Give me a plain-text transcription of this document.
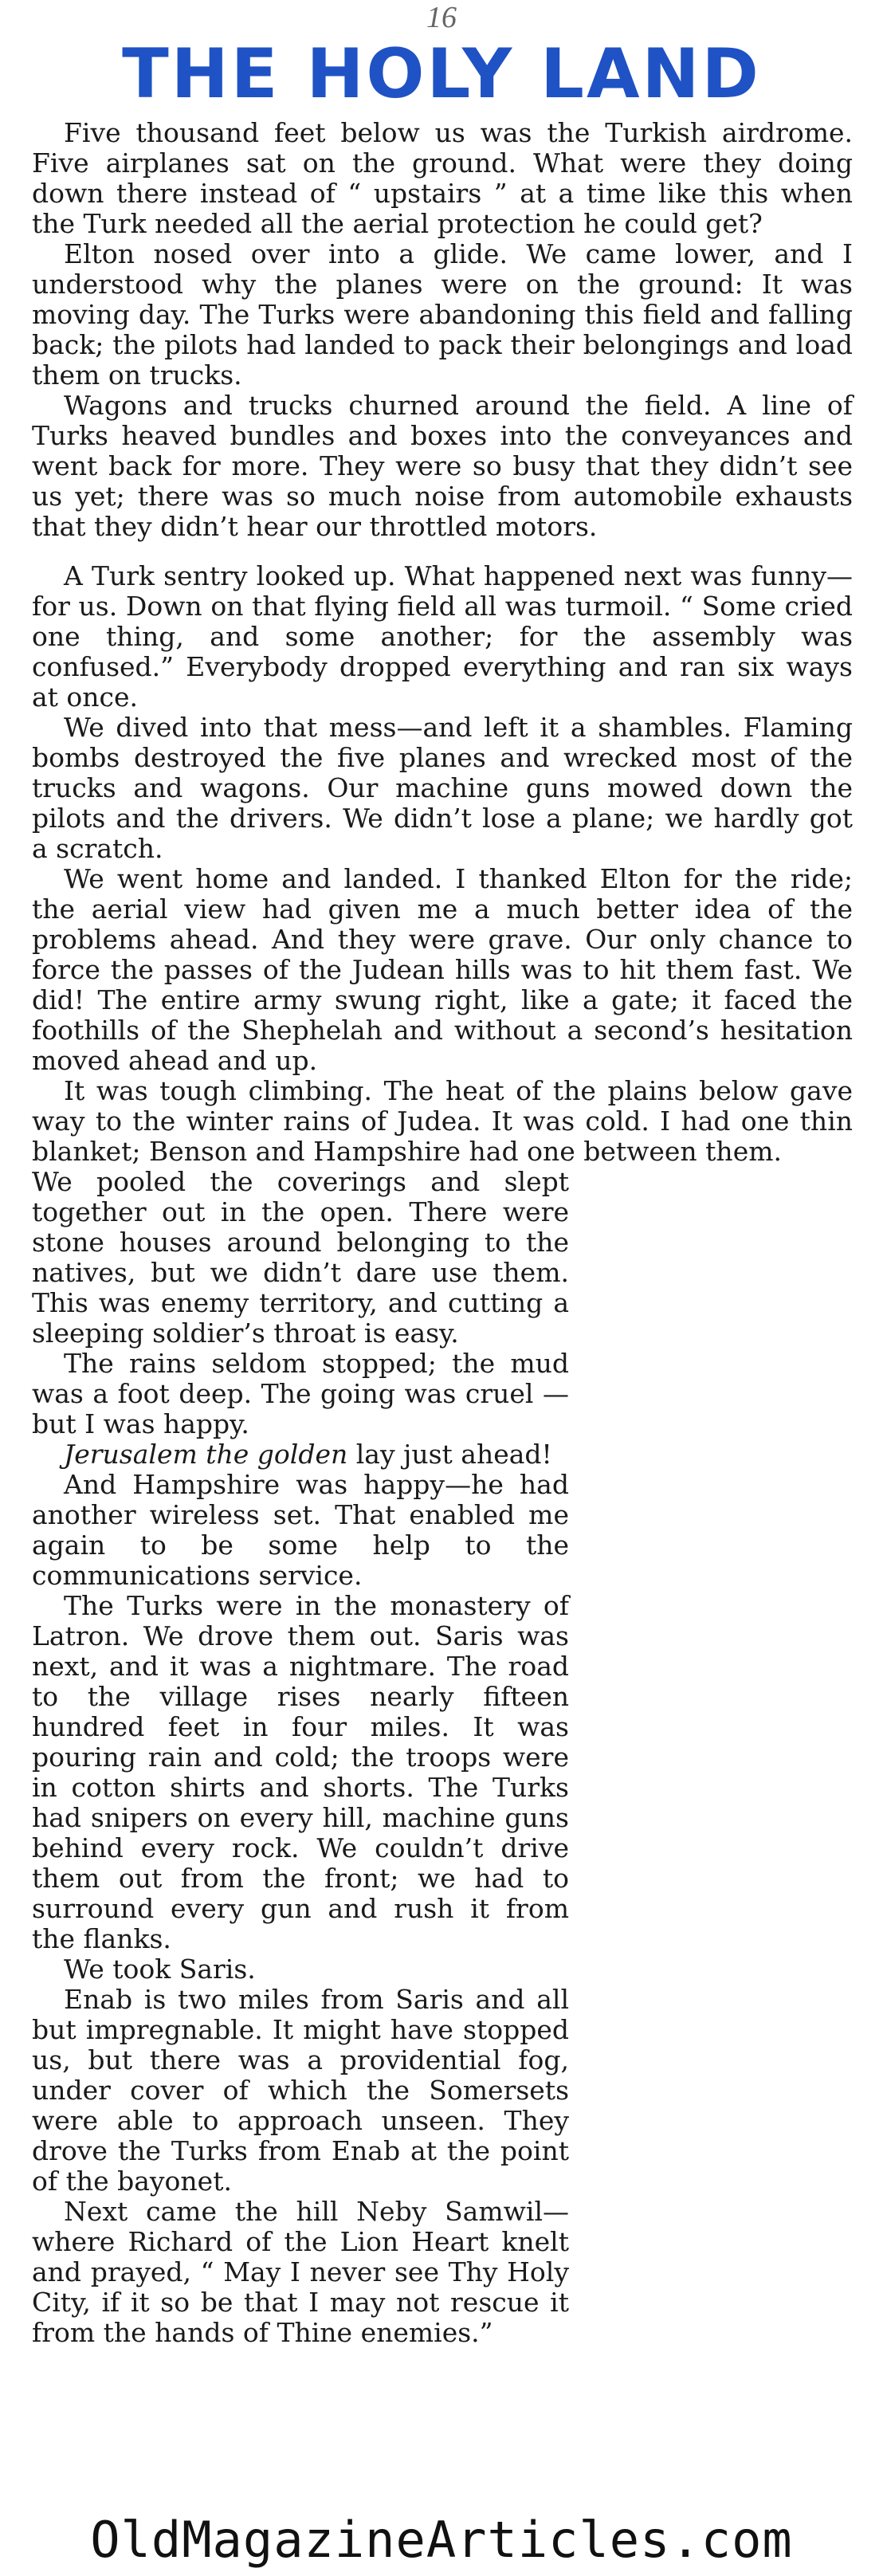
16
THE HOLY LAND

Five thousand feet below us was the Turkish airdrome. Five airplanes sat on the ground. What were they doing down there instead of “ upstairs ” at a time like this when the Turk needed all the aerial protection he could get?

Elton nosed over into a glide. We came lower, and I understood why the planes were on the ground: It was moving day. The Turks were abandoning this field and falling back; the pilots had landed to pack their belongings and load them on trucks.

Wagons and trucks churned around the field. A line of Turks heaved bundles and boxes into the conveyances and went back for more. They were so busy that they didn’t see us yet; there was so much noise from automobile exhausts that they didn’t hear our throttled motors.

A Turk sentry looked up. What happened next was funny—for us. Down on that flying field all was turmoil. “ Some cried one thing, and some another; for the assembly was confused.” Everybody dropped everything and ran six ways at once.

We dived into that mess—and left it a shambles. Flaming bombs destroyed the five planes and wrecked most of the trucks and wagons. Our machine guns mowed down the pilots and the drivers. We didn’t lose a plane; we hardly got a scratch.

We went home and landed. I thanked Elton for the ride; the aerial view had given me a much better idea of the problems ahead. And they were grave. Our only chance to force the passes of the Judean hills was to hit them fast. We did! The entire army swung right, like a gate; it faced the foothills of the Shephelah and without a second’s hesitation moved ahead and up.

It was tough climbing. The heat of the plains below gave way to the winter rains of Judea. It was cold. I had one thin blanket; Benson and Hampshire had one between them.

We pooled the coverings and slept together out in the open. There were stone houses around belonging to the natives, but we didn’t dare use them. This was enemy territory, and cutting a sleeping soldier’s throat is easy.

The rains seldom stopped; the mud was a foot deep. The going was cruel —but I was happy.

Jerusalem the golden lay just ahead!

And Hampshire was happy—he had another wireless set. That enabled me again to be some help to the communications service.

The Turks were in the monastery of Latron. We drove them out. Saris was next, and it was a nightmare. The road to the village rises nearly fifteen hundred feet in four miles. It was pouring rain and cold; the troops were in cotton shirts and shorts. The Turks had snipers on every hill, machine guns behind every rock. We couldn’t drive them out from the front; we had to surround every gun and rush it from the flanks.

We took Saris.

Enab is two miles from Saris and all but impregnable. It might have stopped us, but there was a providential fog, under cover of which the Somersets were able to approach unseen. They drove the Turks from Enab at the point of the bayonet.

Next came the hill Neby Samwil—where Richard of the Lion Heart knelt and prayed, “ May I never see Thy Holy City, if it so be that I may not rescue it from the hands of Thine enemies.”

OldMagazineArticles.com
